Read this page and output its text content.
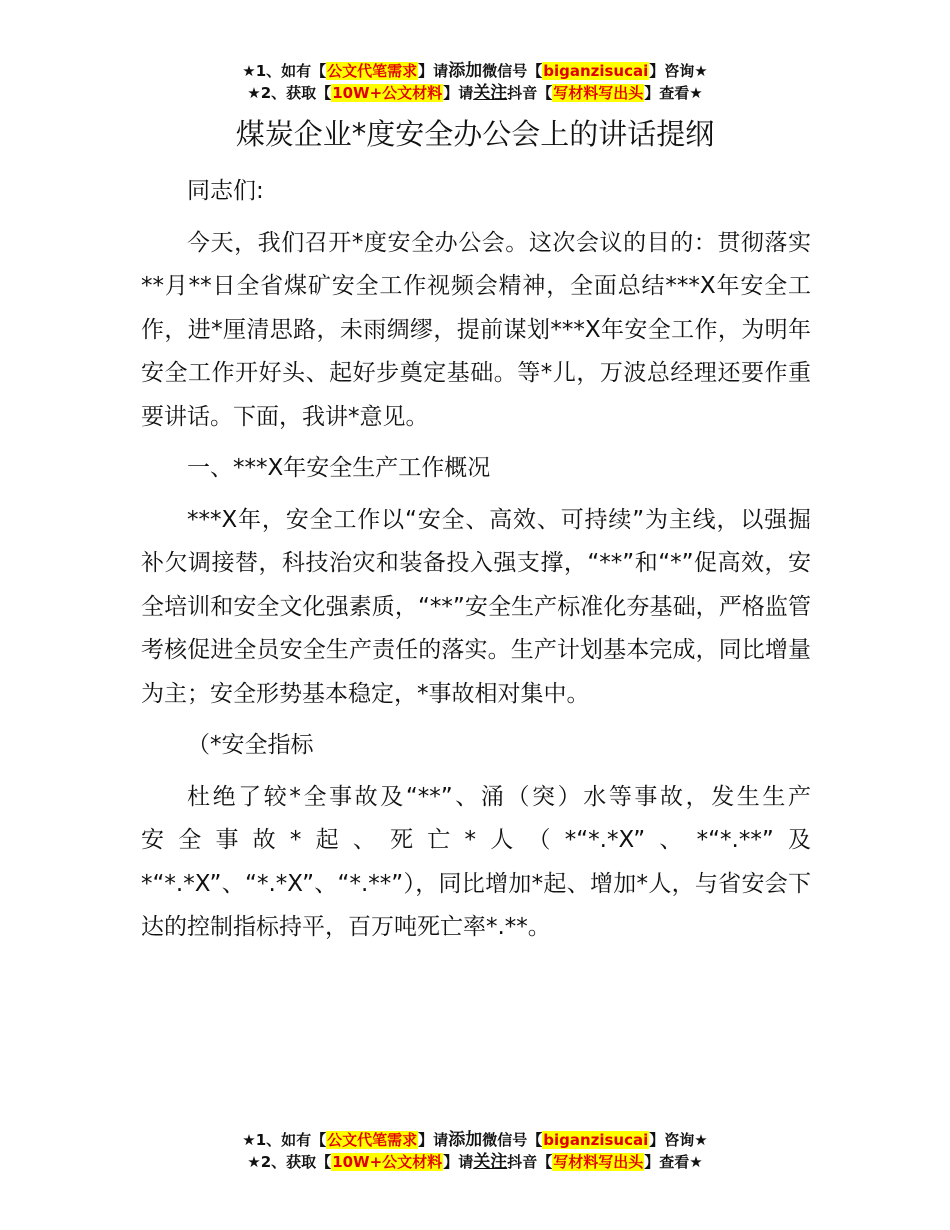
★1、如有【公文代笔需求】请添加微信号【biganzisucai】咨询★
★2、获取【10W+公文材料】请关注抖音【写材料写出头】查看★
煤炭企业*度安全办公会上的讲话提纲

同志们:

今天，我们召开*度安全办公会。这次会议的目的：贯彻落实**月**日全省煤矿安全工作视频会精神，全面总结***X年安全工作，进*厘清思路，未雨绸缪，提前谋划***X年安全工作，为明年安全工作开好头、起好步奠定基础。等*儿，万波总经理还要作重要讲话。下面，我讲*意见。

一、***X年安全生产工作概况

***X年，安全工作以“安全、高效、可持续”为主线，以强掘补欠调接替，科技治灾和装备投入强支撑，“**”和“*”促高效，安全培训和安全文化强素质，“**”安全生产标准化夯基础，严格监管考核促进全员安全生产责任的落实。生产计划基本完成，同比增量为主；安全形势基本稳定，*事故相对集中。

（*安全指标

杜绝了较*全事故及“**”、涌（突）水等事故，发生生产

安全事故*起、死亡*人（*“*.*X”、*“*.**”及

*“*.*X”、“*.*X”、“*.**”），同比增加*起、增加*人，与省安会下达的控制指标持平，百万吨死亡率*.**。

★1、如有【公文代笔需求】请添加微信号【biganzisucai】咨询★
★2、获取【10W+公文材料】请关注抖音【写材料写出头】查看★
